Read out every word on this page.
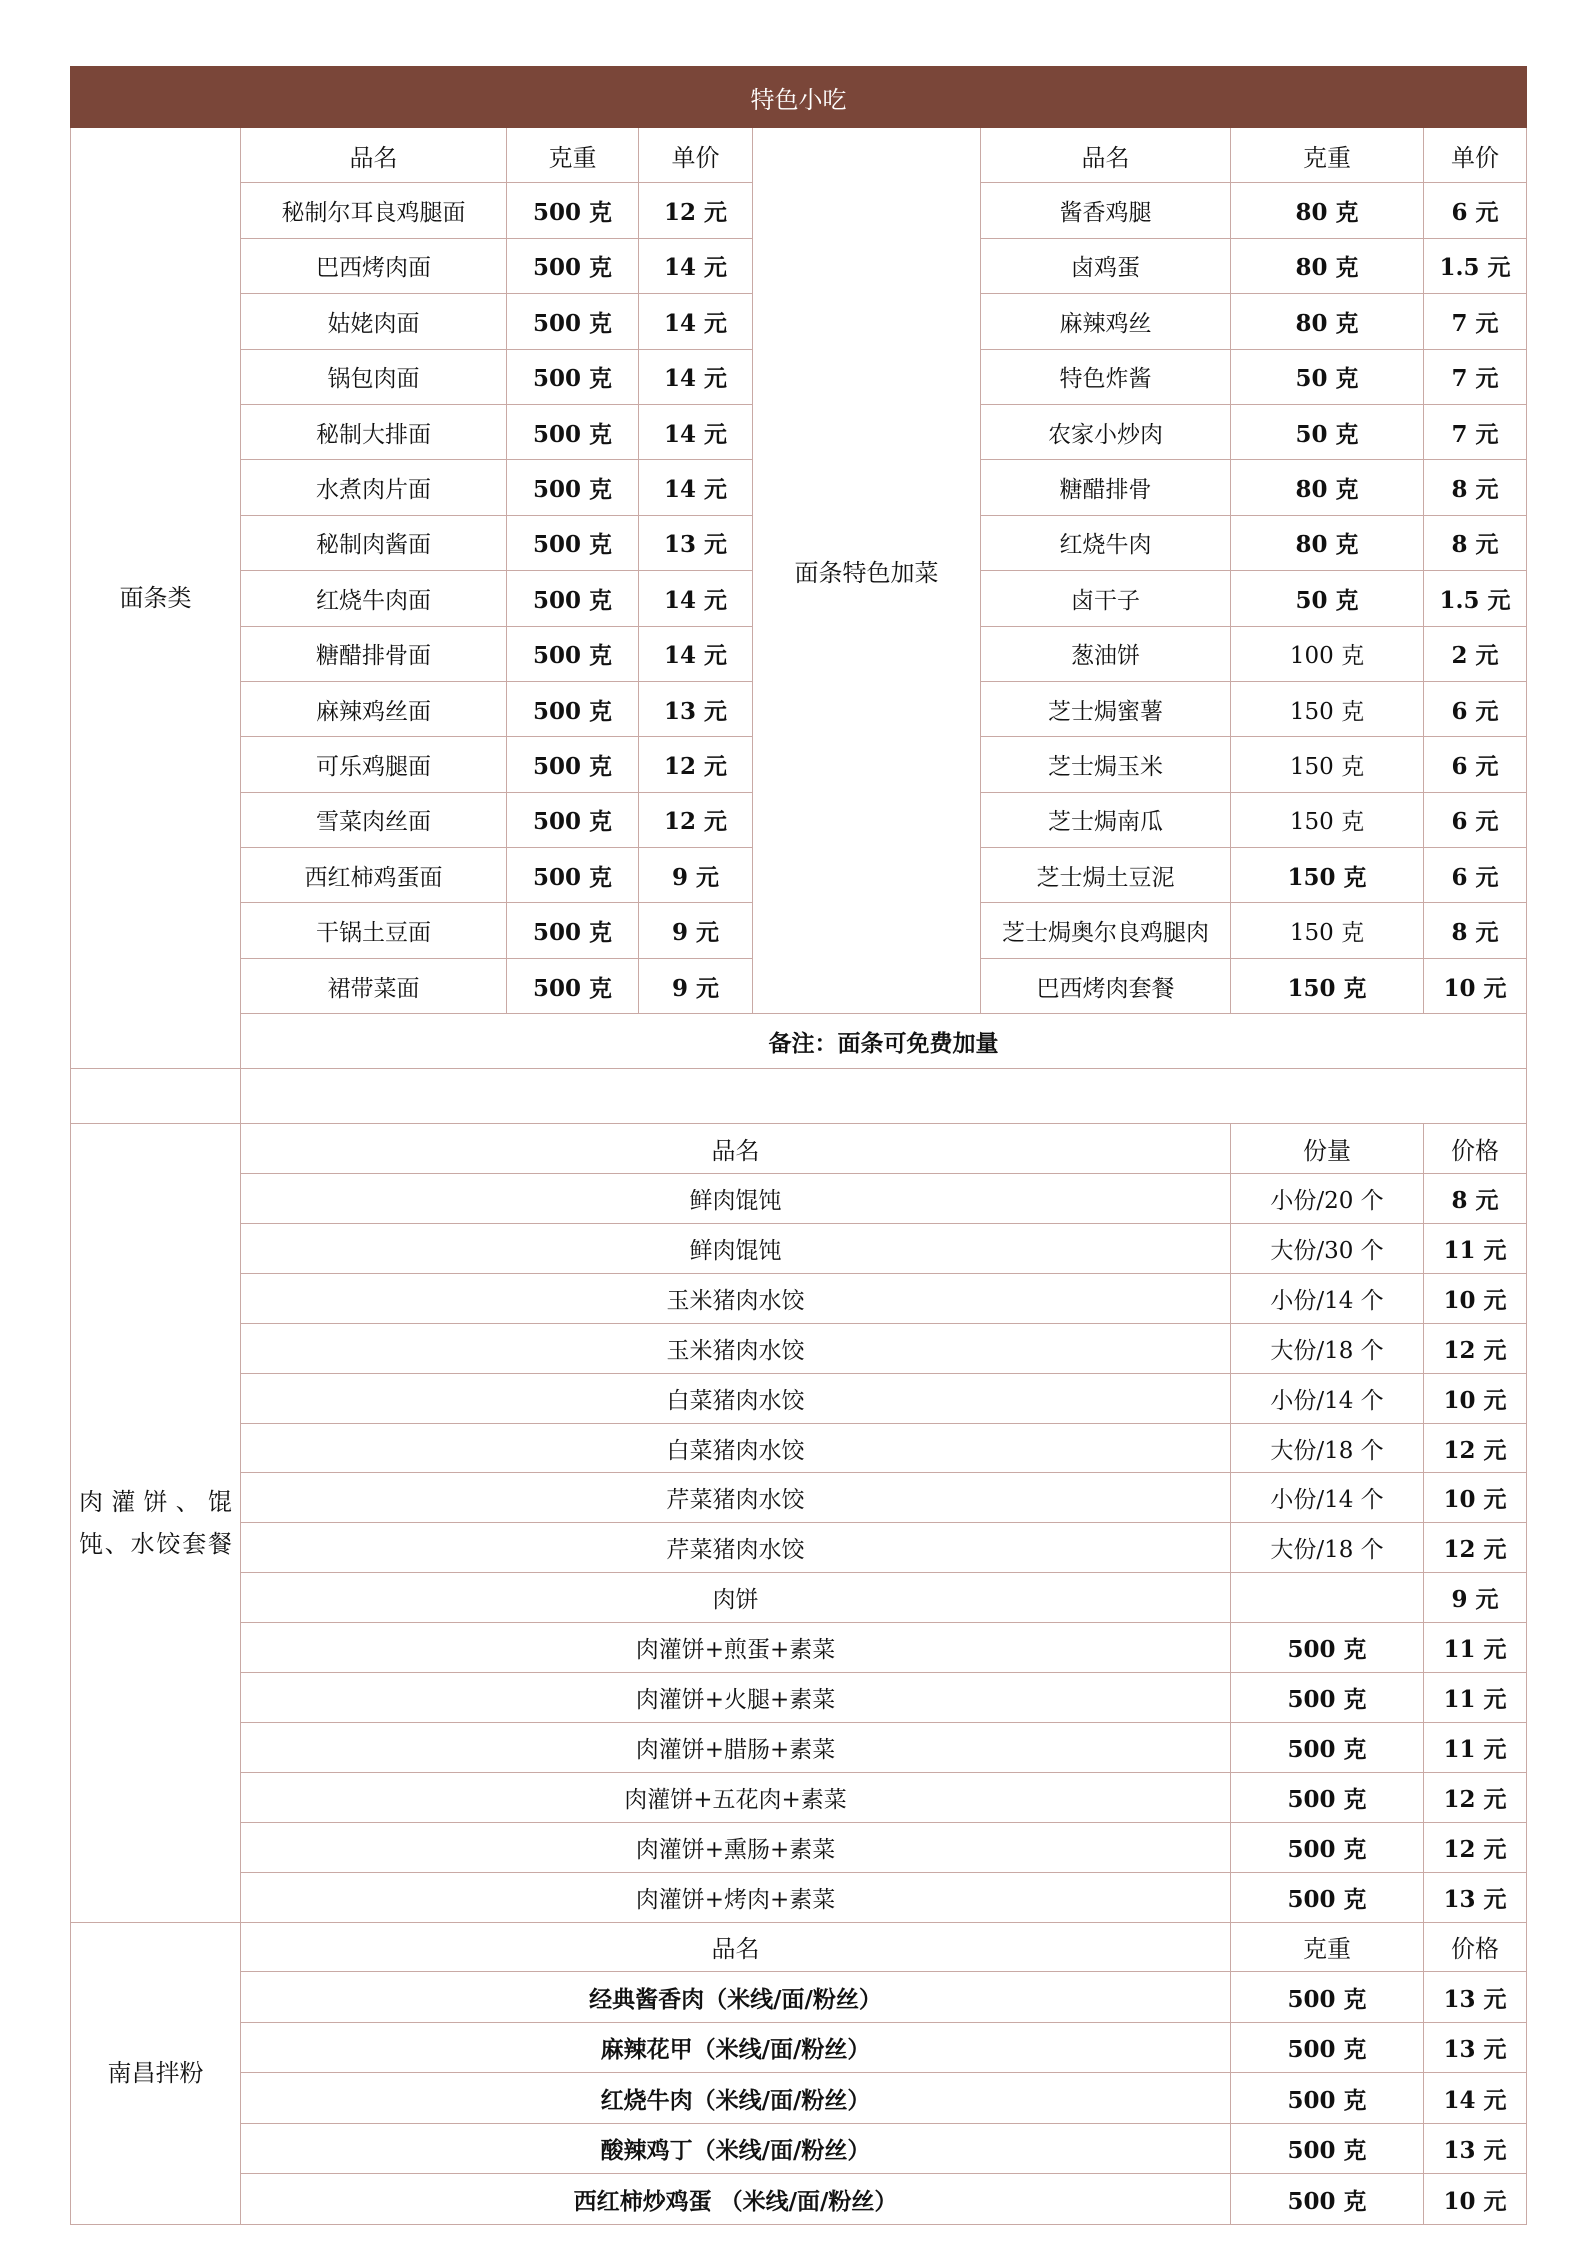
特色小吃							
面条类	品名	克重	单价	面条特色加菜	品名	克重	单价
	秘制尔耳良鸡腿面	500 克	12 元		酱香鸡腿	80 克	6 元
	巴西烤肉面	500 克	14 元		卤鸡蛋	80 克	1.5 元
	姑姥肉面	500 克	14 元		麻辣鸡丝	80 克	7 元
	锅包肉面	500 克	14 元		特色炸酱	50 克	7 元
	秘制大排面	500 克	14 元		农家小炒肉	50 克	7 元
	水煮肉片面	500 克	14 元		糖醋排骨	80 克	8 元
	秘制肉酱面	500 克	13 元		红烧牛肉	80 克	8 元
	红烧牛肉面	500 克	14 元		卤干子	50 克	1.5 元
	糖醋排骨面	500 克	14 元		葱油饼	100 克	2 元
	麻辣鸡丝面	500 克	13 元		芝士焗蜜薯	150 克	6 元
	可乐鸡腿面	500 克	12 元		芝士焗玉米	150 克	6 元
	雪菜肉丝面	500 克	12 元		芝士焗南瓜	150 克	6 元
	西红柿鸡蛋面	500 克	9 元		芝士焗土豆泥	150 克	6 元
	干锅土豆面	500 克	9 元		芝士焗奥尔良鸡腿肉	150 克	8 元
	裙带菜面	500 克	9 元		巴西烤肉套餐	150 克	10 元
	备注：面条可免费加量						

肉灌饼、馄饨、水饺套餐	品名					份量	价格
	鲜肉馄饨					小份/20 个	8 元
	鲜肉馄饨					大份/30 个	11 元
	玉米猪肉水饺					小份/14 个	10 元
	玉米猪肉水饺					大份/18 个	12 元
	白菜猪肉水饺					小份/14 个	10 元
	白菜猪肉水饺					大份/18 个	12 元
	芹菜猪肉水饺					小份/14 个	10 元
	芹菜猪肉水饺					大份/18 个	12 元
	肉饼						9 元
	肉灌饼+煎蛋+素菜					500 克	11 元
	肉灌饼+火腿+素菜					500 克	11 元
	肉灌饼+腊肠+素菜					500 克	11 元
	肉灌饼+五花肉+素菜					500 克	12 元
	肉灌饼+熏肠+素菜					500 克	12 元
	肉灌饼+烤肉+素菜					500 克	13 元
南昌拌粉	品名					克重	价格
	经典酱香肉（米线/面/粉丝）					500 克	13 元
	麻辣花甲（米线/面/粉丝）					500 克	13 元
	红烧牛肉（米线/面/粉丝）					500 克	14 元
	酸辣鸡丁（米线/面/粉丝）					500 克	13 元
	西红柿炒鸡蛋 （米线/面/粉丝）					500 克	10 元
